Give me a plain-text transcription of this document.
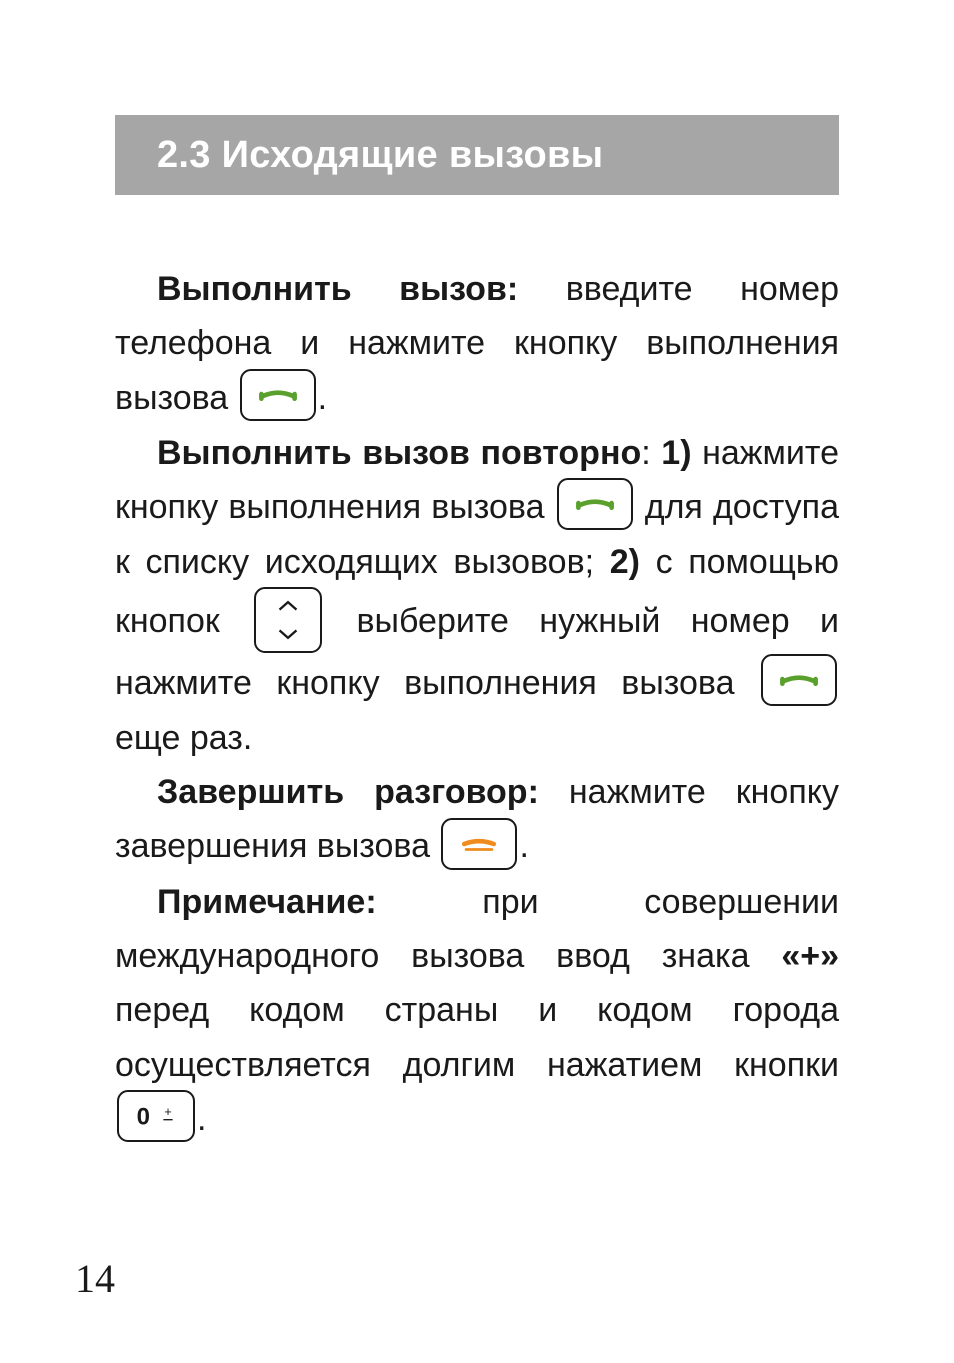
2.3 Исходящие вызовы

Выполнить вызов: введите номер телефона и нажмите кнопку выполнения вызова
.

Выполнить вызов повторно: 1) нажмите кнопку выполнения вызова
для доступа к списку исходящих вызовов; 2) с помощью кнопок
выберите нужный номер и нажмите кнопку выполнения вызова
еще раз.

Завершить разговор: нажмите кнопку завершения вызова
.

Примечание: при совершении международного вызова ввод знака «+» перед кодом страны и кодом города осуществляется долгим нажатием кнопки
0 + .

14
